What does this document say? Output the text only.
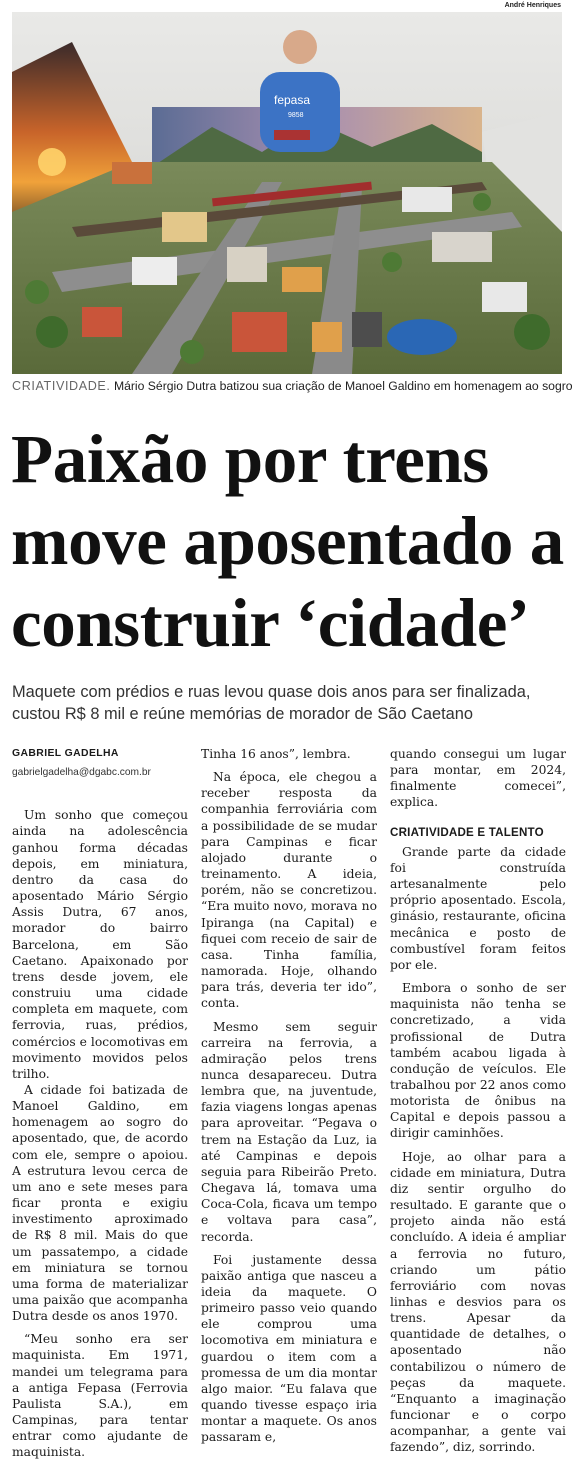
André Henriques
fepasa
9858
CRIATIVIDADE. Mário Sérgio Dutra batizou sua criação de Manoel Galdino em homenagem ao sogro
Paixão por trens
move aposentado a
construir ‘cidade’
Maquete com prédios e ruas levou quase dois anos para ser finalizada,
custou R$ 8 mil e reúne memórias de morador de São Caetano
GABRIEL GADELHA
gabrielgadelha@dgabc.com.br

Um sonho que começou ainda na adolescência ganhou forma décadas depois, em miniatura, dentro da casa do aposentado Mário Sérgio Assis Dutra, 67 anos, morador do bairro Barcelona, em São Caetano. Apaixonado por trens desde jovem, ele construiu uma cidade completa em maquete, com ferrovia, ruas, prédios, comércios e locomotivas em movimento movidos pelos trilho.

A cidade foi batizada de Manoel Galdino, em homenagem ao sogro do aposentado, que, de acordo com ele, sempre o apoiou. A estrutura levou cerca de um ano e sete meses para ficar pronta e exigiu investimento aproximado de R$ 8 mil. Mais do que um passatempo, a cidade em miniatura se tornou uma forma de materializar uma paixão que acompanha Dutra desde os anos 1970.

“Meu sonho era ser maquinista. Em 1971, mandei um telegrama para a antiga Fepasa (Ferrovia Paulista S.A.), em Campinas, para tentar entrar como ajudante de maquinista.

Tinha 16 anos”, lembra.

Na época, ele chegou a receber resposta da companhia ferroviária com a possibilidade de se mudar para Campinas e ficar alojado durante o treinamento. A ideia, porém, não se concretizou. “Era muito novo, morava no Ipiranga (na Capital) e fiquei com receio de sair de casa. Tinha família, namorada. Hoje, olhando para trás, deveria ter ido”, conta.

Mesmo sem seguir carreira na ferrovia, a admiração pelos trens nunca desapareceu. Dutra lembra que, na juventude, fazia viagens longas apenas para aproveitar. “Pegava o trem na Estação da Luz, ia até Campinas e depois seguia para Ribeirão Preto. Chegava lá, tomava uma Coca-Cola, ficava um tempo e voltava para casa”, recorda.

Foi justamente dessa paixão antiga que nasceu a ideia da maquete. O primeiro passo veio quando ele comprou uma locomotiva em miniatura e guardou o item com a promessa de um dia montar algo maior. “Eu falava que quando tivesse espaço iria montar a maquete. Os anos passaram e,

quando consegui um lugar para montar, em 2024, finalmente comecei”, explica.

CRIATIVIDADE E TALENTO

Grande parte da cidade foi construída artesanalmente pelo próprio aposentado. Escola, ginásio, restaurante, oficina mecânica e posto de combustível foram feitos por ele.

Embora o sonho de ser maquinista não tenha se concretizado, a vida profissional de Dutra também acabou ligada à condução de veículos. Ele trabalhou por 22 anos como motorista de ônibus na Capital e depois passou a dirigir caminhões.

Hoje, ao olhar para a cidade em miniatura, Dutra diz sentir orgulho do resultado. E garante que o projeto ainda não está concluído. A ideia é ampliar a ferrovia no futuro, criando um pátio ferroviário com novas linhas e desvios para os trens. Apesar da quantidade de detalhes, o aposentado não contabilizou o número de peças da maquete. “Enquanto a imaginação funcionar e o corpo acompanhar, a gente vai fazendo”, diz, sorrindo.
